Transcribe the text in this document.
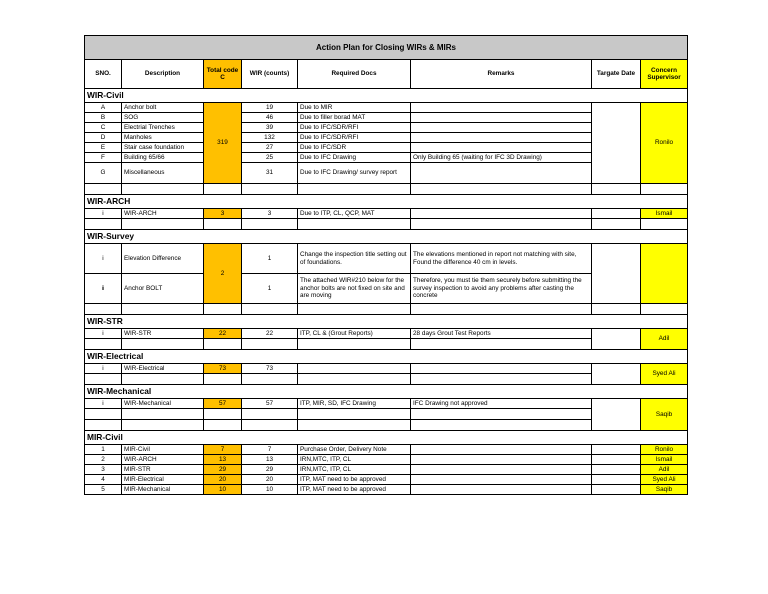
Action Plan for Closing WIRs & MIRs							
SNO.	Description	Total code C	WIR (counts)	Required Docs	Remarks	Targate Date	Concern Supervisor
WIR-Civil							
A	Anchor bolt	319	19	Due to MIR			Ronilo
B	SOG		46	Due to filler borad MAT			
C	Electrial Trenches		39	Due to IFC/SDR/RFI			
D	Manholes		132	Due to IFC/SDR/RFI			
E	Stair case foundation		27	Due to IFC/SDR			
F	Building 65/66		25	Due to IFC Drawing	Only Building 65 (waiting for IFC 3D Drawing)		
G	Miscellaneous		31	Due to IFC Drawing/ survey report			

WIR-ARCH							
i	WIR-ARCH	3	3	Due to ITP, CL, QCP, MAT			Ismail

WIR-Survey							
i	Elevation Difference	2	1	Change the inspection title setting out of foundations.	The elevations mentioned in report not matching with site, Found the difference 40 cm in levels.		
ii	Anchor BOLT		1	The attached WIR#210 below for the anchor bolts are not fixed on site and are moving	Therefore, you must tie them securely before submitting the survey inspection to avoid any problems after casting the concrete		

WIR-STR							
i	WIR-STR	22	22	ITP, CL & (Grout Reports)	28 days Grout Test Reports		Adil

WIR-Electrical							
i	WIR-Electrical	73	73				Syed Ali

WIR-Mechanical							
i	WIR-Mechanical	57	57	ITP, MIR, SD, IFC Drawing	IFC Drawing not approved		Saqib

MIR-Civil							
1	MIR-Civil	7	7	Purchase Order, Delivery Note			Ronilo
2	WIR-ARCH	13	13	IRN,MTC, ITP, CL			Ismail
3	MIR-STR	29	29	IRN,MTC, ITP, CL			Adil
4	MIR-Electrical	20	20	ITP, MAT need to be approved			Syed Ali
5	MIR-Mechanical	10	10	ITP, MAT need to be approved			Saqib
